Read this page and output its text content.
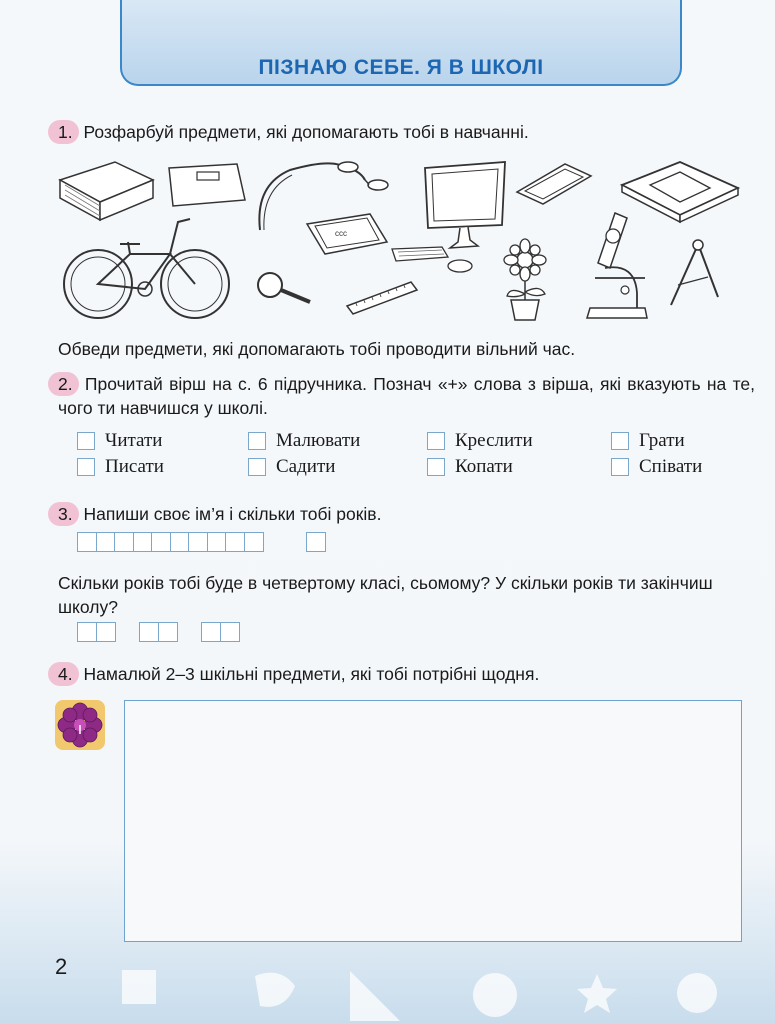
ПІЗНАЮ СЕБЕ. Я В ШКОЛІ
1. Розфарбуй предмети, які допомагають тобі в навчанні.
ccc
Обведи предмети, які допомагають тобі проводити вільний час.
2. Прочитай вірш на с. 6 підручника. Познач «+» слова з вірша, які вказують на те, чого ти навчишся у школі.
Читати
Писати
Малювати
Садити
Креслити
Копати
Грати
Співати
3. Напиши своє ім’я і скільки тобі років.
Скільки років тобі буде в четвертому класі, сьомому? У скільки років ти закінчиш школу?
4. Намалюй 2–3 шкільні предмети, які тобі потрібні щодня.
2
